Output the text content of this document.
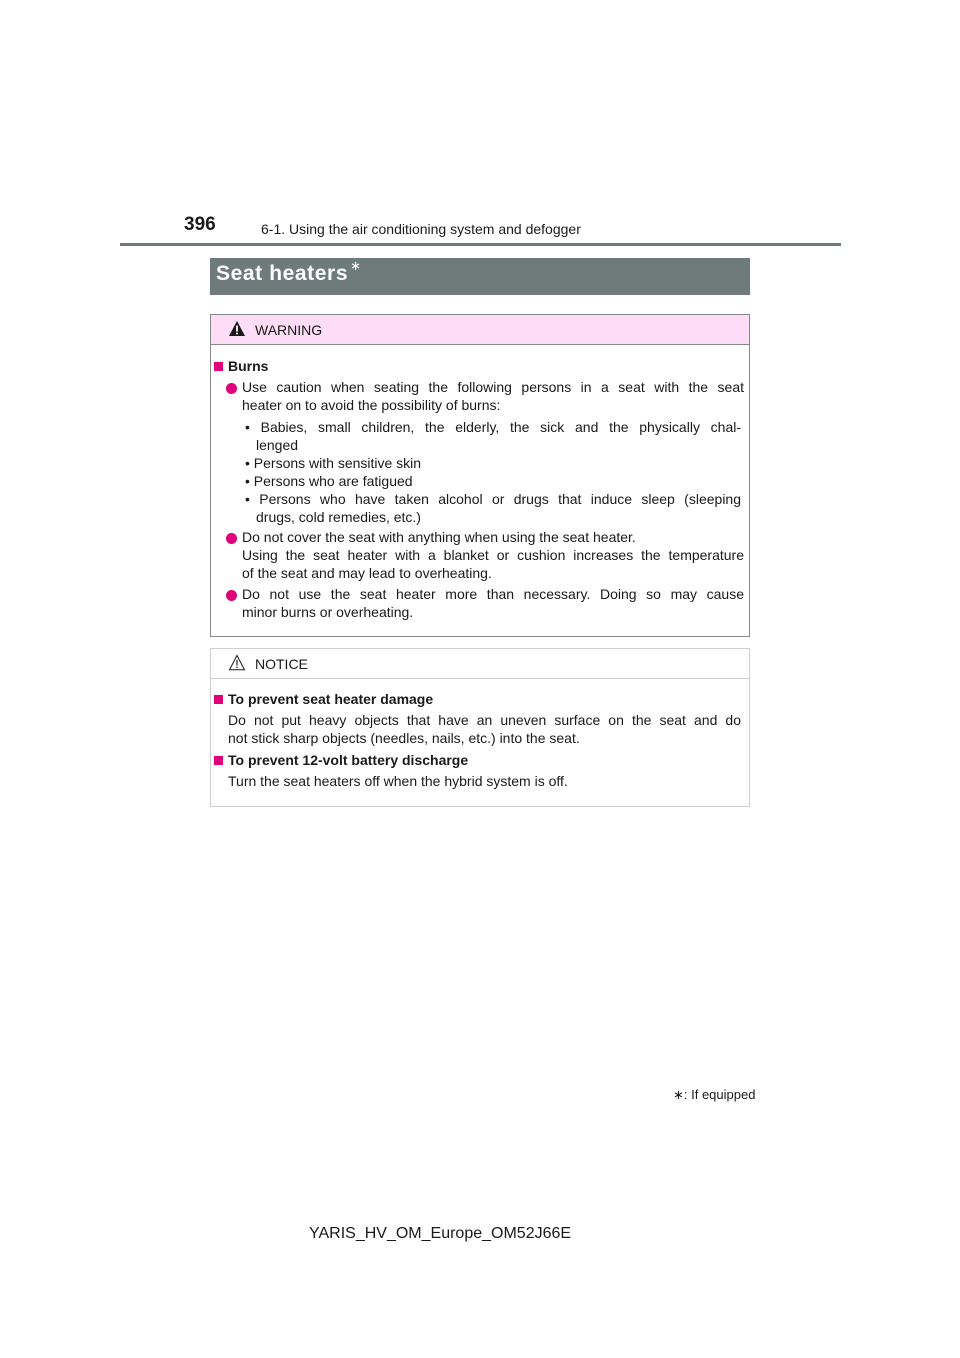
396	6-1. Using the air conditioning system and defogger
Seat heaters ∗
WARNING
Burns
Use caution when seating the following persons in a seat with the seat
heater on to avoid the possibility of burns:
• Babies, small children, the elderly, the sick and the physically chal-
lenged
• Persons with sensitive skin
• Persons who are fatigued
• Persons who have taken alcohol or drugs that induce sleep (sleeping
drugs, cold remedies, etc.)
Do not cover the seat with anything when using the seat heater.
Using the seat heater with a blanket or cushion increases the temperature
of the seat and may lead to overheating.
Do not use the seat heater more than necessary. Doing so may cause
minor burns or overheating.
NOTICE
To prevent seat heater damage
Do not put heavy objects that have an uneven surface on the seat and do
not stick sharp objects (needles, nails, etc.) into the seat.
To prevent 12-volt battery discharge
Turn the seat heaters off when the hybrid system is off.
∗: If equipped
YARIS_HV_OM_Europe_OM52J66E
